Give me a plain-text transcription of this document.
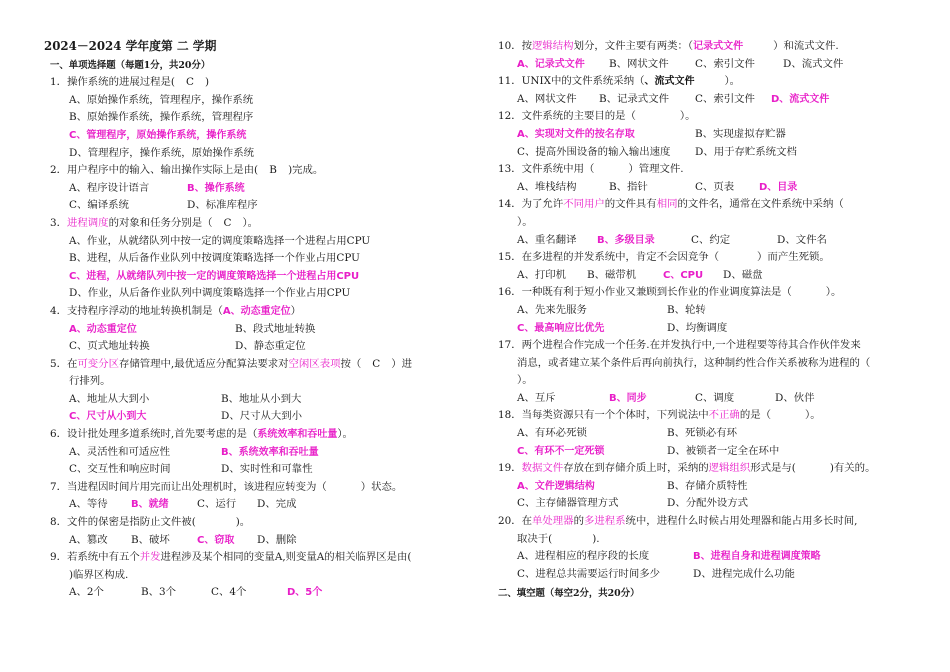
2024－2024 学年度第 二 学期
一、单项选择题（每题1分，共20分）
1．操作系统的进展过程是( C )
A、原始操作系统，管理程序，操作系统
B、原始操作系统，操作系统，管理程序
C、管理程序，原始操作系统，操作系统
D、管理程序，操作系统，原始操作系统
2．用户程序中的输入、输出操作实际上是由( B )完成。
A、程序设计语言	B、操作系统
C、编译系统	D、标准库程序
3．进程调度的对象和任务分别是（ C ）。
A、作业，从就绪队列中按一定的调度策略选择一个进程占用CPU
B、进程，从后备作业队列中按调度策略选择一个作业占用CPU
C、进程，从就绪队列中按一定的调度策略选择一个进程占用CPU
D、作业，从后备作业队列中调度策略选择一个作业占用CPU
4．支持程序浮动的地址转换机制是（A、动态重定位）
A、动态重定位	B、段式地址转换
C、页式地址转换	D、静态重定位
5．在可变分区存储管理中,最优适应分配算法要求对空闲区表项按（ C ）进
行排列。
A、地址从大到小	B、地址从小到大
C、尺寸从小到大	D、尺寸从大到小
6．设计批处理多道系统时,首先要考虑的是（系统效率和吞吐量）。
A、灵活性和可适应性	B、系统效率和吞吐量
C、交互性和响应时间	D、实时性和可靠性
7．当进程因时间片用完而让出处理机时，该进程应转变为（	）状态。
A、等待 B、就绪	C、运行 D、完成
8．文件的保密是指防止文件被(	)。
A、篡改 B、破坏	C、窃取 D、删除
9．若系统中有五个并发进程涉及某个相同的变量A,则变量A的相关临界区是由(
)临界区构成.
A、2个	B、3个	C、4个	D、5个
10．按逻辑结构划分，文件主要有两类：（记录式文件	）和流式文件.
A、记录式文件 B、网状文件	C、索引文件	D、流式文件
11．UNIX中的文件系统采纳（、流式文件	）。
A、网状文件 B、记录式文件	C、索引文件 D、流式文件
12．文件系统的主要目的是（	）。
A、实现对文件的按名存取	B、实现虚拟存贮器
C、提高外围设备的输入输出速度 D、用于存贮系统文档
13．文件系统中用（	）管理文件.
A、堆栈结构	B、指针	C、页表 D、目录
14．为了允许不同用户的文件具有相同的文件名，通常在文件系统中采纳（
）。
A、重名翻译 B、多级目录	C、约定	D、文件名
15．在多进程的并发系统中，肯定不会因竞争（	）而产生死锁。
A、打印机 B、磁带机	C、CPU D、磁盘
16．一种既有利于短小作业又兼顾到长作业的作业调度算法是（	）。
A、先来先服务	B、轮转
C、最高响应比优先	D、均衡调度
17．两个进程合作完成一个任务.在并发执行中,一个进程要等待其合作伙伴发来
消息，或者建立某个条件后再向前执行，这种制约性合作关系被称为进程的（
）。
A、互斥	B、同步	C、调度	D、伙伴
18．当每类资源只有一个个体时，下列说法中不正确的是（	）。
A、有环必死锁	B、死锁必有环
C、有环不一定死锁	D、被锁者一定全在环中
19．数据文件存放在到存储介质上时，采纳的逻辑组织形式是与(	)有关的。
A、文件逻辑结构	B、存储介质特性
C、主存储器管理方式	D、分配外设方式
20．在单处理器的多进程系统中，进程什么时候占用处理器和能占用多长时间,
取决于(	).
A、进程相应的程序段的长度	B、进程自身和进程调度策略
C、进程总共需要运行时间多少	D、进程完成什么功能
二、填空题（每空2分，共20分）
